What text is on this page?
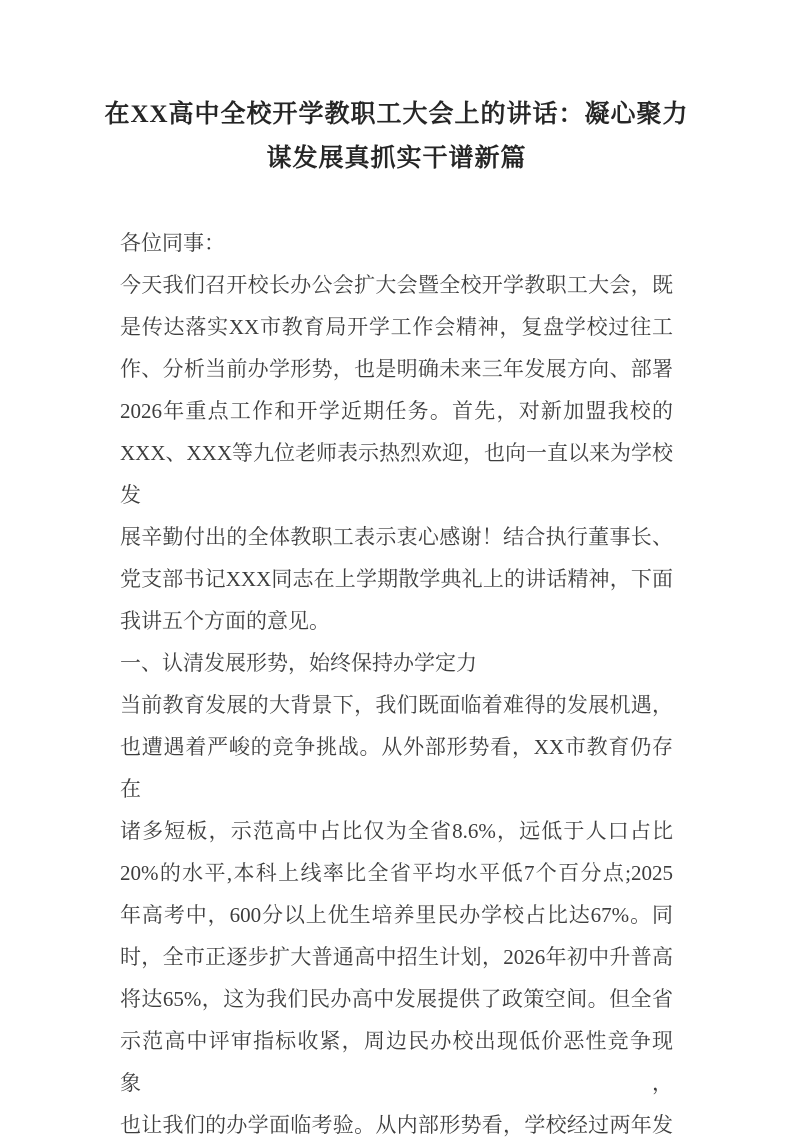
在XX高中全校开学教职工大会上的讲话：凝心聚力
谋发展真抓实干谱新篇
各位同事：
今天我们召开校长办公会扩大会暨全校开学教职工大会，既
是传达落实XX市教育局开学工作会精神，复盘学校过往工
作、分析当前办学形势，也是明确未来三年发展方向、部署
2026年重点工作和开学近期任务。首先，对新加盟我校的
XXX、XXX等九位老师表示热烈欢迎，也向一直以来为学校发
展辛勤付出的全体教职工表示衷心感谢！结合执行董事长、
党支部书记XXX同志在上学期散学典礼上的讲话精神，下面
我讲五个方面的意见。
一、认清发展形势，始终保持办学定力
当前教育发展的大背景下，我们既面临着难得的发展机遇，
也遭遇着严峻的竞争挑战。从外部形势看，XX市教育仍存在
诸多短板，示范高中占比仅为全省8.6%，远低于人口占比
20%的水平,本科上线率比全省平均水平低7个百分点;2025
年高考中，600分以上优生培养里民办学校占比达67%。同
时，全市正逐步扩大普通高中招生计划，2026年初中升普高
将达65%，这为我们民办高中发展提供了政策空间。但全省
示范高中评审指标收紧，周边民办校出现低价恶性竞争现象，
也让我们的办学面临考验。从内部形势看，学校经过两年发
